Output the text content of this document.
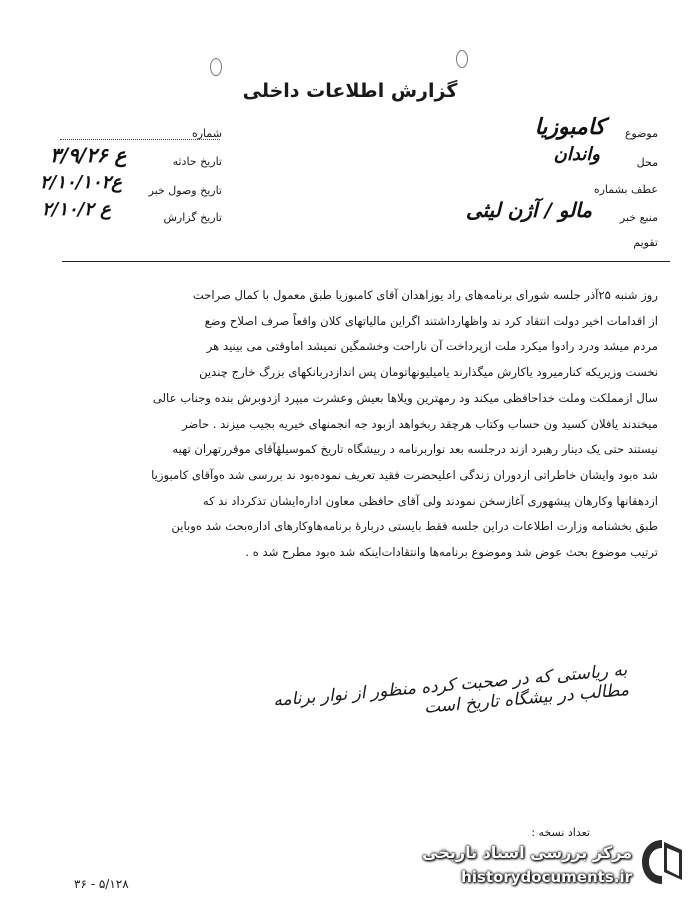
گزارش اطلاعات داخلی
موضوع
کامبوزیا
محل
واندان
عطف بشماره
منبع خبر
مالو / آژن لیثی
تقویم
شماره
تاریخ حادثه
۳/۹/۲۶ ع
تاریخ وصول خبر
۲/۱۰/۱۰۲ع
تاریخ گزارش
۲/۱۰/۲ ع
روز شنبه ۲۵آذر جلسه شورای برنامه‌های راد یوزاهدان آقای کامبوزیا طبق معمول با کمال صراحت
از اقدامات اخیر دولت انتقاد کرد ند واظهارداشتند اگراین مالیاتهای کلان واقعاً صرف اصلاح وضع
مردم میشد ودرد رادوا میکرد ملت ازپرداخت آن ناراحت وخشمگین نمیشد اماوقتی می بینید هر
نخست وزیریکه کنارمیرود یاکارش میگذارند یامیلیونهاتومان پس اندازدربانکهای بزرگ خارج چندین
سال ازمملکت وملت خداحافظی میکند ود رمهترین ویلاها بعیش وعشرت میپرد ازدوبرش بنده وجناب عالی
میخندند یافلان کسید ون حساب وکتاب هرچقد ربخواهد ازبود جه انجمنهای خیریه بجیب میزند . حاضر
نیستند حتی یک دینار رهبرد ازند درجلسه بعد نواربرنامه د ربیشگاه تاریخ کموسیلهٔآقای موقررتهران تهیه
شد ه‌بود وایشان خاطراتی ازدوران زندگی اعلیحضرت فقید تعریف نموده‌بود ند بررسی شد ه‌وآقای کامبوزیا
ازدهقانها وکارهان پیشهوری آغازسخن نمودند ولی آقای حافظی معاون اداره‌ایشان تذکرداد ند که
طبق بخشنامه وزارت اطلاعات دراین جلسه فقط بایستی دربارهٔ برنامه‌هاوکارهای اداره‌بحث شد ه‌وباین
ترتیب موضوع بحث عوض شد وموضوع برنامه‌ها وانتقادات‌اینکه شد ه‌بود مطرح شد ه .
به ریاستی که در صحبت کرده منظور از نوار برنامه مطالب در بیشگاه تاریخ است
تعداد نسخه :
۵/۱۲۸ - ۳۶
مرکز بررسی اسناد تاریخی
historydocuments.ir
